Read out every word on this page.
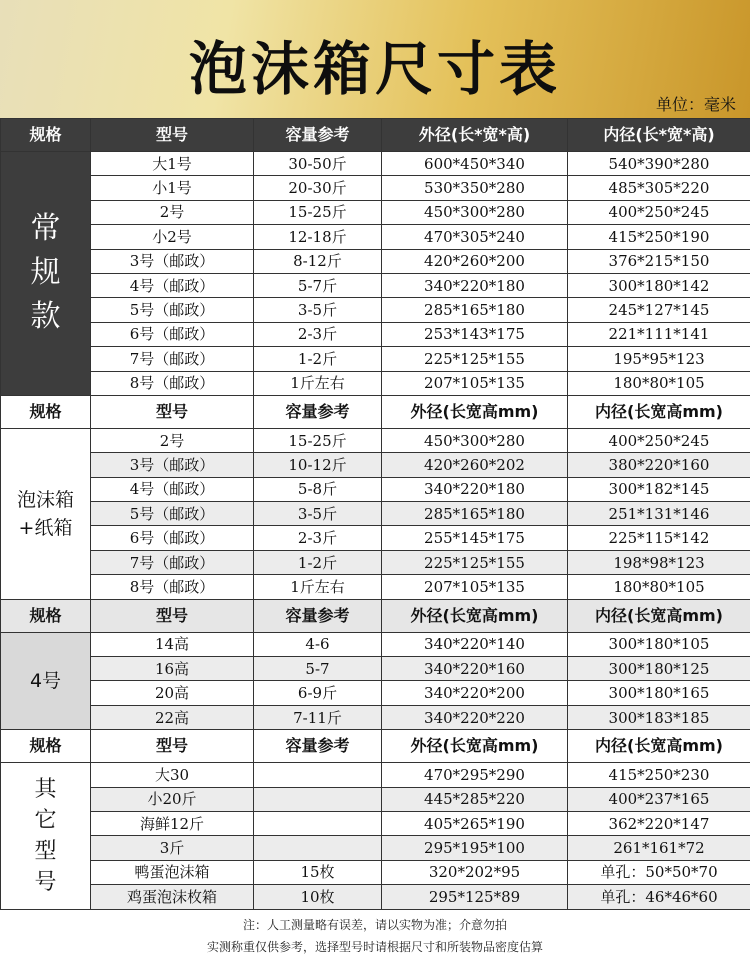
泡沫箱尺寸表
单位：毫米
规格	型号	容量参考	外径(长*宽*高)	内径(长*宽*高)

常
规
款	大1号	30-50斤	600*450*340	540*390*280
	小1号	20-30斤	530*350*280	485*305*220
	2号	15-25斤	450*300*280	400*250*245
	小2号	12-18斤	470*305*240	415*250*190
	3号（邮政）	8-12斤	420*260*200	376*215*150
	4号（邮政）	5-7斤	340*220*180	300*180*142
	5号（邮政）	3-5斤	285*165*180	245*127*145
	6号（邮政）	2-3斤	253*143*175	221*111*141
	7号（邮政）	1-2斤	225*125*155	195*95*123
	8号（邮政）	1斤左右	207*105*135	180*80*105
规格	型号	容量参考	外径(长宽高mm)	内径(长宽高mm)

泡沫箱
+纸箱	2号	15-25斤	450*300*280	400*250*245
	3号（邮政）	10-12斤	420*260*202	380*220*160
	4号（邮政）	5-8斤	340*220*180	300*182*145
	5号（邮政）	3-5斤	285*165*180	251*131*146
	6号（邮政）	2-3斤	255*145*175	225*115*142
	7号（邮政）	1-2斤	225*125*155	198*98*123
	8号（邮政）	1斤左右	207*105*135	180*80*105
规格	型号	容量参考	外径(长宽高mm)	内径(长宽高mm)

4号	14高	4-6	340*220*140	300*180*105
	16高	5-7	340*220*160	300*180*125
	20高	6-9斤	340*220*200	300*180*165
	22高	7-11斤	340*220*220	300*183*185
规格	型号	容量参考	外径(长宽高mm)	内径(长宽高mm)

其
它
型
号	大30		470*295*290	415*250*230
	小20斤		445*285*220	400*237*165
	海鲜12斤		405*265*190	362*220*147
	3斤		295*195*100	261*161*72
	鸭蛋泡沫箱	15枚	320*202*95	单孔：50*50*70
	鸡蛋泡沫枚箱	10枚	295*125*89	单孔：46*46*60
注：人工测量略有误差，请以实物为准；介意勿拍
实测称重仅供参考，选择型号时请根据尺寸和所装物品密度估算
